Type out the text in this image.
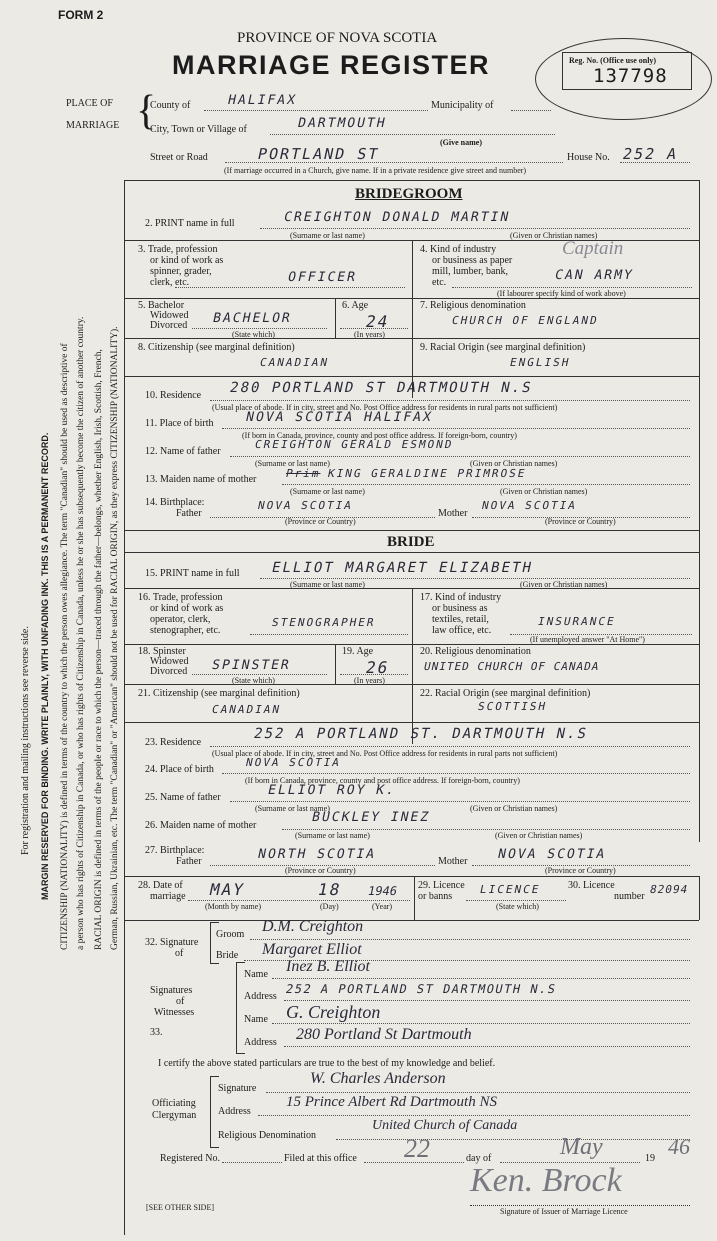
FORM 2
PROVINCE OF NOVA SCOTIA
MARRIAGE REGISTER	Reg. No. (Office use only)
137798
PLACE OF
MARRIAGE {
County of	HALIFAX	Municipality of
City, Town or Village of	DARTMOUTH
(Give name)
Street or Road	PORTLAND ST	House No. 252 A
(If marriage occurred in a Church, give name. If in a private residence give street and number)
For registration and mailing instructions see reverse side. MARGIN RESERVED FOR BINDING. WRITE PLAINLY, WITH UNFADING INK. THIS IS A PERMANENT RECORD. CITIZENSHIP (NATIONALITY) is defined in terms of the country to which the person owes allegiance. The term "Canadian" should be used as descriptive of a person who has rights of Citizenship in Canada, or who has rights of Citizenship in Canada, unless he or she has subsequently become the citizen of another country. RACIAL ORIGIN is defined in terms of the people or race to which the person—traced through the father—belongs, whether English, Irish, Scottish, French, German, Russian, Ukrainian, etc. The term "Canadian" or "American" should not be used for RACIAL ORIGIN, as they express CITIZENSHIP (NATIONALITY).
BRIDEGROOM
2. PRINT name in full	CREIGHTON DONALD MARTIN
(Surname or last name)	(Given or Christian names)
3. Trade, profession
or kind of work as
spinner, grader,
clerk, etc.	OFFICER
4. Kind of industry
or business as paper
mill, lumber, bank,
etc.
Captain
CAN ARMY
(If labourer specify kind of work above)
5. Bachelor
Widowed
Divorced BACHELOR
(State which)
6. Age
24
(In years)
7. Religious denomination
CHURCH OF ENGLAND
8. Citizenship (see marginal definition)
CANADIAN
9. Racial Origin (see marginal definition)
ENGLISH
10. Residence 280 PORTLAND ST DARTMOUTH N.S
(Usual place of abode. If in city, street and No. Post Office address for residents in rural parts not sufficient)
11. Place of birth NOVA SCOTIA HALIFAX
(If born in Canada, province, county and post office address. If foreign-born, country)
12. Name of father
CREIGHTON GERALD ESMOND
(Surname or last name)	(Given or Christian names)
13. Maiden name of mother	Prim KING GERALDINE PRIMROSE
(Surname or last name)	(Given or Christian names)
14. Birthplace:
Father
NOVA SCOTIA
(Province or Country)
Mother
NOVA SCOTIA
(Province or Country)
BRIDE
15. PRINT name in full ELLIOT MARGARET ELIZABETH
(Surname or last name)	(Given or Christian names)
16. Trade, profession
or kind of work as
operator, clerk,
stenographer, etc.
STENOGRAPHER
17. Kind of industry
or business as
textiles, retail,
law office, etc.
INSURANCE
(If unemployed answer "At Home")
18. Spinster
Widowed
Divorced SPINSTER
(State which)
19. Age
26
(In years)
20. Religious denomination
UNITED CHURCH OF CANADA
21. Citizenship (see marginal definition)
CANADIAN
22. Racial Origin (see marginal definition)
SCOTTISH
23. Residence
252 A PORTLAND ST. DARTMOUTH N.S
(Usual place of abode. If in city, street and No. Post Office address for residents in rural parts not sufficient)
24. Place of birth
NOVA SCOTIA
(If born in Canada, province, county and post office address. If foreign-born, country)
25. Name of father	ELLIOT ROY K.
(Surname or last name)	(Given or Christian names)
26. Maiden name of mother
BUCKLEY INEZ
(Surname or last name)	(Given or Christian names)
27. Birthplace:
Father	NORTH SCOTIA
(Province or Country)
Mother NOVA SCOTIA
(Province or Country)
28. Date of
marriage MAY	18 1946
(Month by name)	(Day)	(Year)
29. Licence
or banns
LICENCE
(State which)
30. Licence
number
82094
32. Signature
of
Groom D.M. Creighton
Bride Margaret Elliot
Signatures
of
Witnesses
33.
Name Inez B. Elliot
Address
252 A PORTLAND ST DARTMOUTH N.S
Name G. Creighton
Address 280 Portland St Dartmouth
I certify the above stated particulars are true to the best of my knowledge and belief.
Officiating
Clergyman
Signature
W. Charles Anderson
Address
15 Prince Albert Rd Dartmouth NS
Religious Denomination
United Church of Canada
Registered No.	Filed at this office 22	day of	May	19 46
Ken. Brock
Signature of Issuer of Marriage Licence
[SEE OTHER SIDE]
